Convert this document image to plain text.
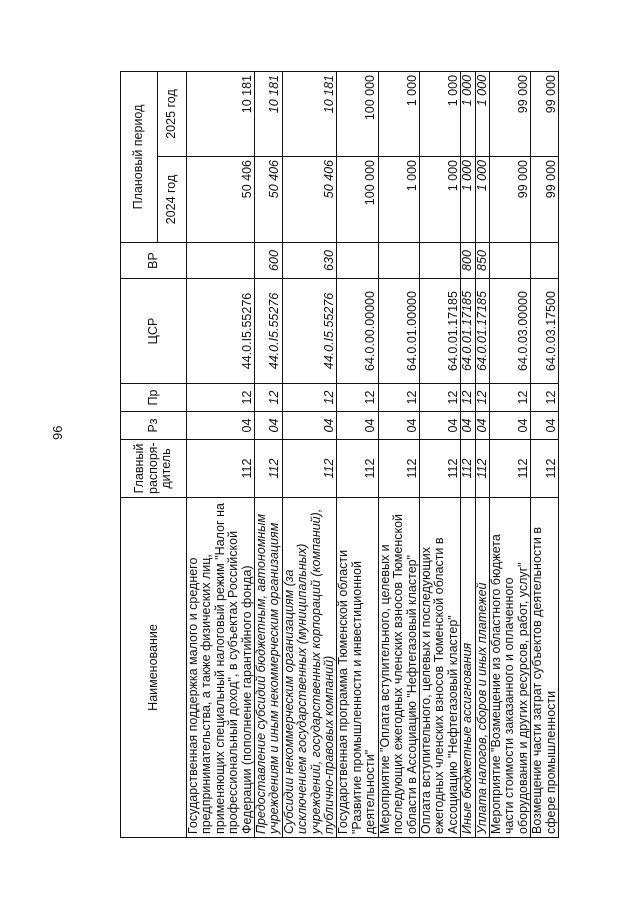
96
Наименование	Главный распоря-дитель	Рз	Пр	ЦСР	ВР	Плановый период	
						2024 год	2025 год
Государственная поддержка малого и среднего предпринимательства, а также физических лиц, применяющих специальный налоговый режим "Налог на профессиональный доход", в субъектах Российской Федерации (пополнение гарантийного фонда)	112	04	12	44.0.I5.55276		50 406	10 181
Предоставление субсидий бюджетным, автономным учреждениям и иным некоммерческим организациям	112	04	12	44.0.I5.55276	600	50 406	10 181
Субсидии некоммерческим организациям (за исключением государственных (муниципальных) учреждений, государственных корпораций (компаний), публично-правовых компаний)	112	04	12	44.0.I5.55276	630	50 406	10 181
Государственная программа Тюменской области "Развитие промышленности и инвестиционной деятельности"	112	04	12	64.0.00.00000		100 000	100 000
Мероприятие "Оплата вступительного, целевых и последующих ежегодных членских взносов Тюменской области в Ассоциацию "Нефтегазовый кластер"	112	04	12	64.0.01.00000		1 000	1 000
Оплата вступительного, целевых и последующих ежегодных членских взносов Тюменской области в Ассоциацию "Нефтегазовый кластер"	112	04	12	64.0.01.17185		1 000	1 000
Иные бюджетные ассигнования	112	04	12	64.0.01.17185	800	1 000	1 000
Уплата налогов, сборов и иных платежей	112	04	12	64.0.01.17185	850	1 000	1 000
Мероприятие "Возмещение из областного бюджета части стоимости заказанного и оплаченного оборудования и других ресурсов, работ, услуг"	112	04	12	64.0.03.00000		99 000	99 000
Возмещение части затрат субъектов деятельности в сфере промышленности	112	04	12	64.0.03.17500		99 000	99 000
